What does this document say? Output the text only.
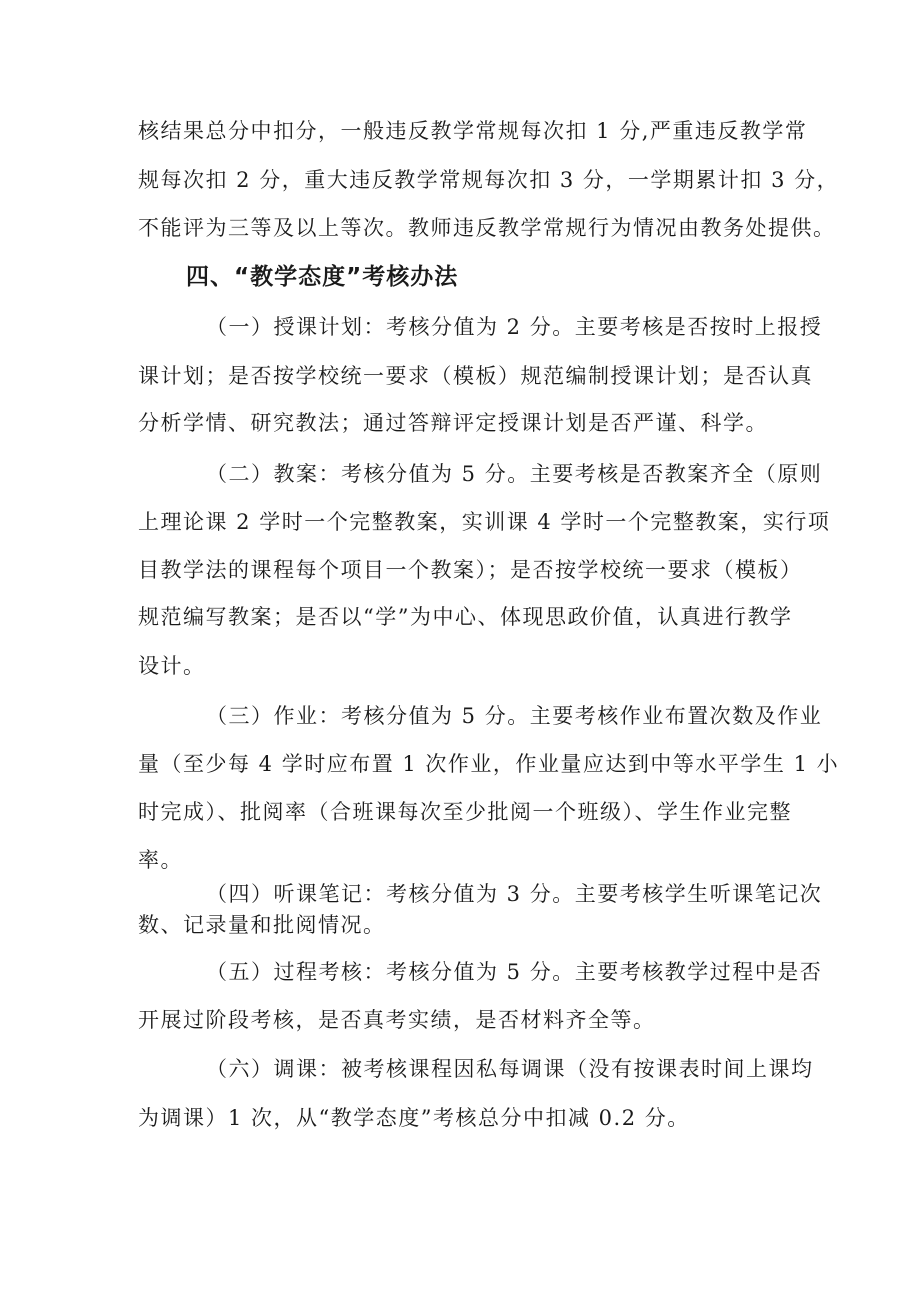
核结果总分中扣分，一般违反教学常规每次扣 1 分,严重违反教学常
规每次扣 2 分，重大违反教学常规每次扣 3 分，一学期累计扣 3 分，
不能评为三等及以上等次。教师违反教学常规行为情况由教务处提供。
四、“教学态度”考核办法
（一）授课计划：考核分值为 2 分。主要考核是否按时上报授
课计划；是否按学校统一要求（模板）规范编制授课计划；是否认真
分析学情、研究教法；通过答辩评定授课计划是否严谨、科学。
（二）教案：考核分值为 5 分。主要考核是否教案齐全（原则
上理论课 2 学时一个完整教案，实训课 4 学时一个完整教案，实行项
目教学法的课程每个项目一个教案）；是否按学校统一要求（模板）
规范编写教案；是否以“学”为中心、体现思政价值，认真进行教学
设计。
（三）作业：考核分值为 5 分。主要考核作业布置次数及作业
量（至少每 4 学时应布置 1 次作业，作业量应达到中等水平学生 1 小
时完成）、批阅率（合班课每次至少批阅一个班级）、学生作业完整
率。
（四）听课笔记：考核分值为 3 分。主要考核学生听课笔记次
数、记录量和批阅情况。
（五）过程考核：考核分值为 5 分。主要考核教学过程中是否
开展过阶段考核，是否真考实绩，是否材料齐全等。
（六）调课：被考核课程因私每调课（没有按课表时间上课均
为调课）1 次，从“教学态度”考核总分中扣减 0.2 分。
